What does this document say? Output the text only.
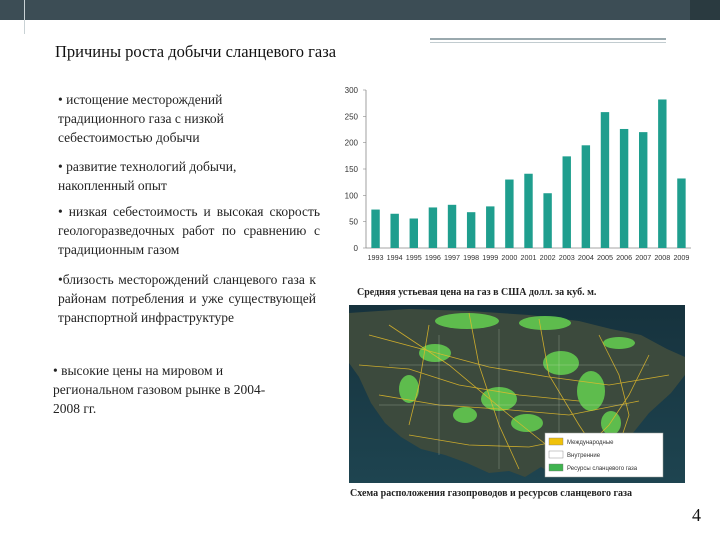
Причины роста добычи сланцевого газа
• истощение месторождений
традиционного газа с низкой
себестоимостью добычи
• развитие технологий добычи,
накопленный опыт
• низкая себестоимость и высокая скорость геологоразведочных работ по сравнению с традиционным газом
•близость месторождений сланцевого газа к районам потребления и уже существующей транспортной инфраструктуре
• высокие цены на мировом и
региональном газовом рынке в 2004-
2008 гг.
0
50
100
150
200
250
300
1993 1994 1995 1996 1997 1998 1999 2000 2001 2002 2003 2004 2005 2006 2007 2008 2009
Средняя устьевая цена на газ в США долл. за куб. м.
Международные
Внутренние
Ресурсы сланцевого газа
Схема расположения газопроводов и ресурсов сланцевого газа
4
